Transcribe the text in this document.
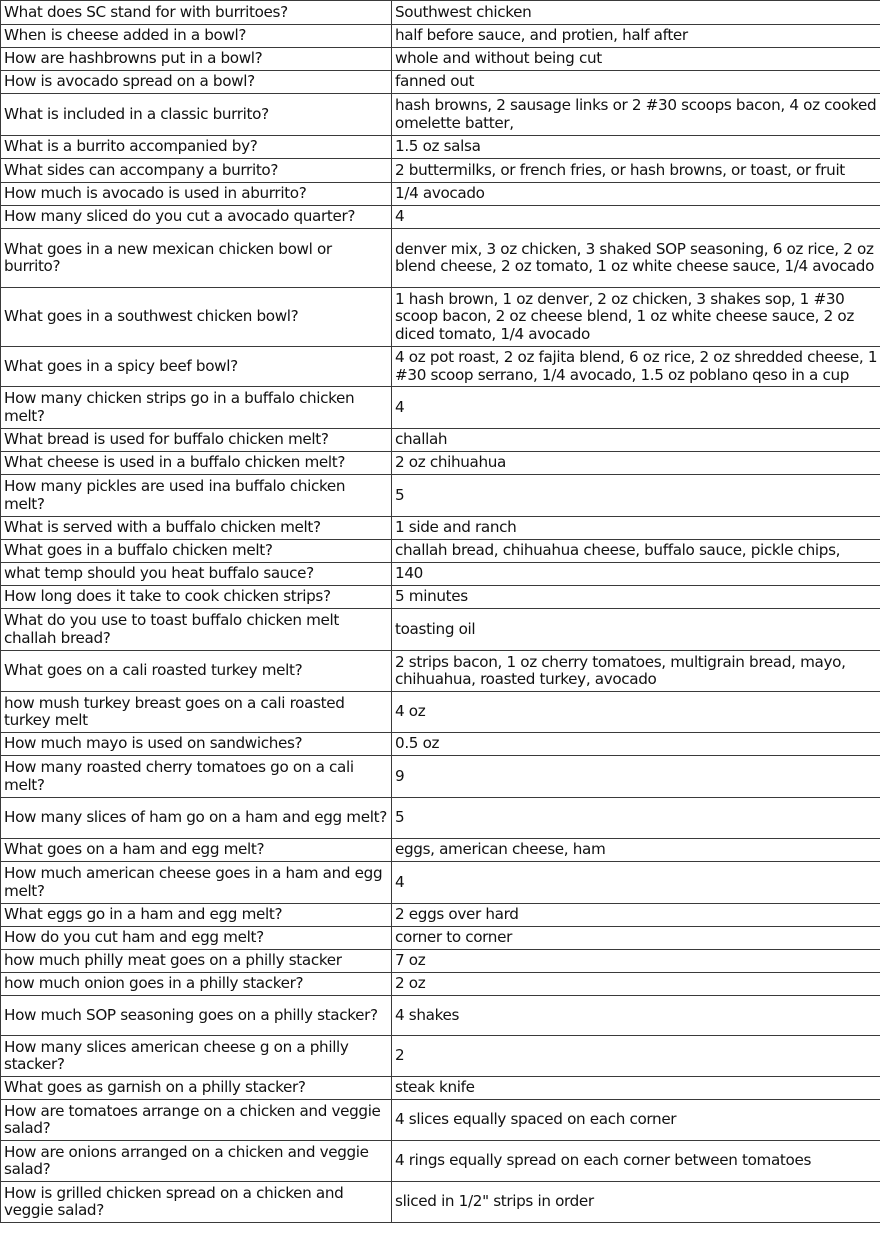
What does SC stand for with burritoes?	Southwest chicken
When is cheese added in a bowl?	half before sauce, and protien, half after
How are hashbrowns put in a bowl?	whole and without being cut
How is avocado spread on a bowl?	fanned out
What is included in a classic burrito?	hash browns, 2 sausage links or 2 #30 scoops bacon, 4 oz cooked omelette batter,
What is a burrito accompanied by?	1.5 oz salsa
What sides can accompany a burrito?	2 buttermilks, or french fries, or hash browns, or toast, or fruit
How much is avocado is used in aburrito?	1/4 avocado
How many sliced do you cut a avocado quarter?	4
What goes in a new mexican chicken bowl or burrito?	denver mix, 3 oz chicken, 3 shaked SOP seasoning, 6 oz rice, 2 oz blend cheese, 2 oz tomato, 1 oz white cheese sauce, 1/4 avocado
What goes in a southwest chicken bowl?	1 hash brown, 1 oz denver, 2 oz chicken, 3 shakes sop, 1 #30 scoop bacon, 2 oz cheese blend, 1 oz white cheese sauce, 2 oz diced tomato, 1/4 avocado
What goes in a spicy beef bowl?	4 oz pot roast, 2 oz fajita blend, 6 oz rice, 2 oz shredded cheese, 1 #30 scoop serrano, 1/4 avocado, 1.5 oz poblano qeso in a cup
How many chicken strips go in a buffalo chicken melt?	4
What bread is used for buffalo chicken melt?	challah
What cheese is used in a buffalo chicken melt?	2 oz chihuahua
How many pickles are used ina buffalo chicken melt?	5
What is served with a buffalo chicken melt?	1 side and ranch
What goes in a buffalo chicken melt?	challah bread, chihuahua cheese, buffalo sauce, pickle chips,
what temp should you heat buffalo sauce?	140
How long does it take to cook chicken strips?	5 minutes
What do you use to toast buffalo chicken melt challah bread?	toasting oil
What goes on a cali roasted turkey melt?	2 strips bacon, 1 oz cherry tomatoes, multigrain bread, mayo, chihuahua, roasted turkey, avocado
how mush turkey breast goes on a cali roasted turkey melt	4 oz
How much mayo is used on sandwiches?	0.5 oz
How many roasted cherry tomatoes go on a cali melt?	9
How many slices of ham go on a ham and egg melt?	5
What goes on a ham and egg melt?	eggs, american cheese, ham
How much american cheese goes in a ham and egg melt?	4
What eggs go in a ham and egg melt?	2 eggs over hard
How do you cut ham and egg melt?	corner to corner
how much philly meat goes on a philly stacker	7 oz
how much onion goes in a philly stacker?	2 oz
How much SOP seasoning goes on a philly stacker?	4 shakes
How many slices american cheese g on a philly stacker?	2
What goes as garnish on a philly stacker?	steak knife
How are tomatoes arrange on a chicken and veggie salad?	4 slices equally spaced on each corner
How are onions arranged on a chicken and veggie salad?	4 rings equally spread on each corner between tomatoes
How is grilled chicken spread on a chicken and veggie salad?	sliced in 1/2" strips in order
